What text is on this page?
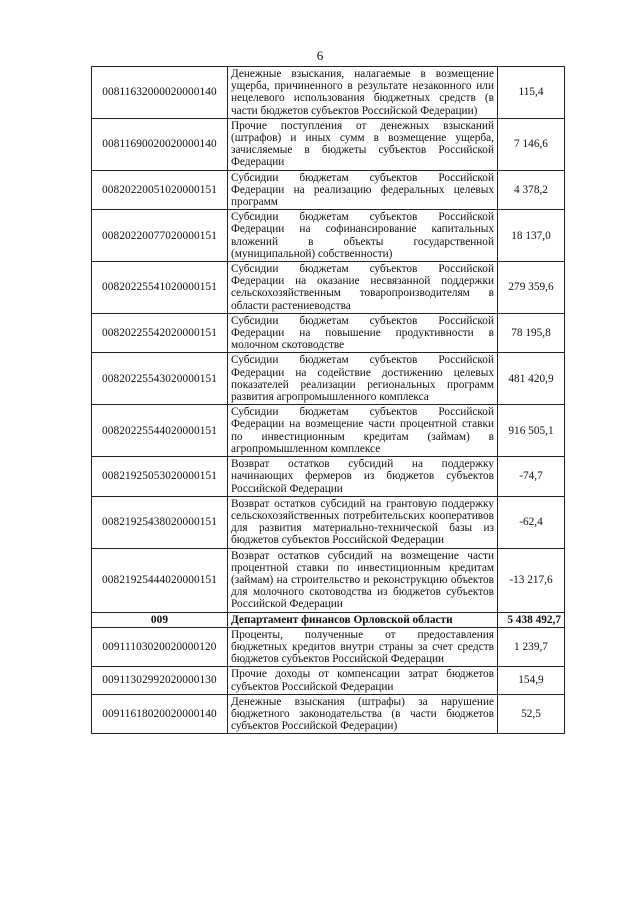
6
00811632000020000140	Денежные взыскания, налагаемые в возмещение ущерба, причиненного в результате незаконного или нецелевого использования бюджетных средств (в части бюджетов субъектов Российской Федерации)	115,4
00811690020020000140	Прочие поступления от денежных взысканий (штрафов) и иных сумм в возмещение ущерба, зачисляемые в бюджеты субъектов Российской Федерации	7 146,6
00820220051020000151	Субсидии бюджетам субъектов Российской Федерации на реализацию федеральных целевых программ	4 378,2
00820220077020000151	Субсидии бюджетам субъектов Российской Федерации на софинансирование капитальных вложений в объекты государственной (муниципальной) собственности)	18 137,0
00820225541020000151	Субсидии бюджетам субъектов Российской Федерации на оказание несвязанной поддержки сельскохозяйственным товаропроизводителям в области растениеводства	279 359,6
00820225542020000151	Субсидии бюджетам субъектов Российской Федерации на повышение продуктивности в молочном скотоводстве	78 195,8
00820225543020000151	Субсидии бюджетам субъектов Российской Федерации на содействие достижению целевых показателей реализации региональных программ развития агропромышленного комплекса	481 420,9
00820225544020000151	Субсидии бюджетам субъектов Российской Федерации на возмещение части процентной ставки по инвестиционным кредитам (займам) в агропромышленном комплексе	916 505,1
00821925053020000151	Возврат остатков субсидий на поддержку начинающих фермеров из бюджетов субъектов Российской Федерации	-74,7
00821925438020000151	Возврат остатков субсидий на грантовую поддержку сельскохозяйственных потребительских кооперативов для развития материально-технической базы из бюджетов субъектов Российской Федерации	-62,4
00821925444020000151	Возврат остатков субсидий на возмещение части процентной ставки по инвестиционным кредитам (займам) на строительство и реконструкцию объектов для молочного скотоводства из бюджетов субъектов Российской Федерации	-13 217,6
009	Департамент финансов Орловской области	5 438 492,7
00911103020020000120	Проценты, полученные от предоставления бюджетных кредитов внутри страны за счет средств бюджетов субъектов Российской Федерации	1 239,7
00911302992020000130	Прочие доходы от компенсации затрат бюджетов субъектов Российской Федерации	154,9
00911618020020000140	Денежные взыскания (штрафы) за нарушение бюджетного законодательства (в части бюджетов субъектов Российской Федерации)	52,5
